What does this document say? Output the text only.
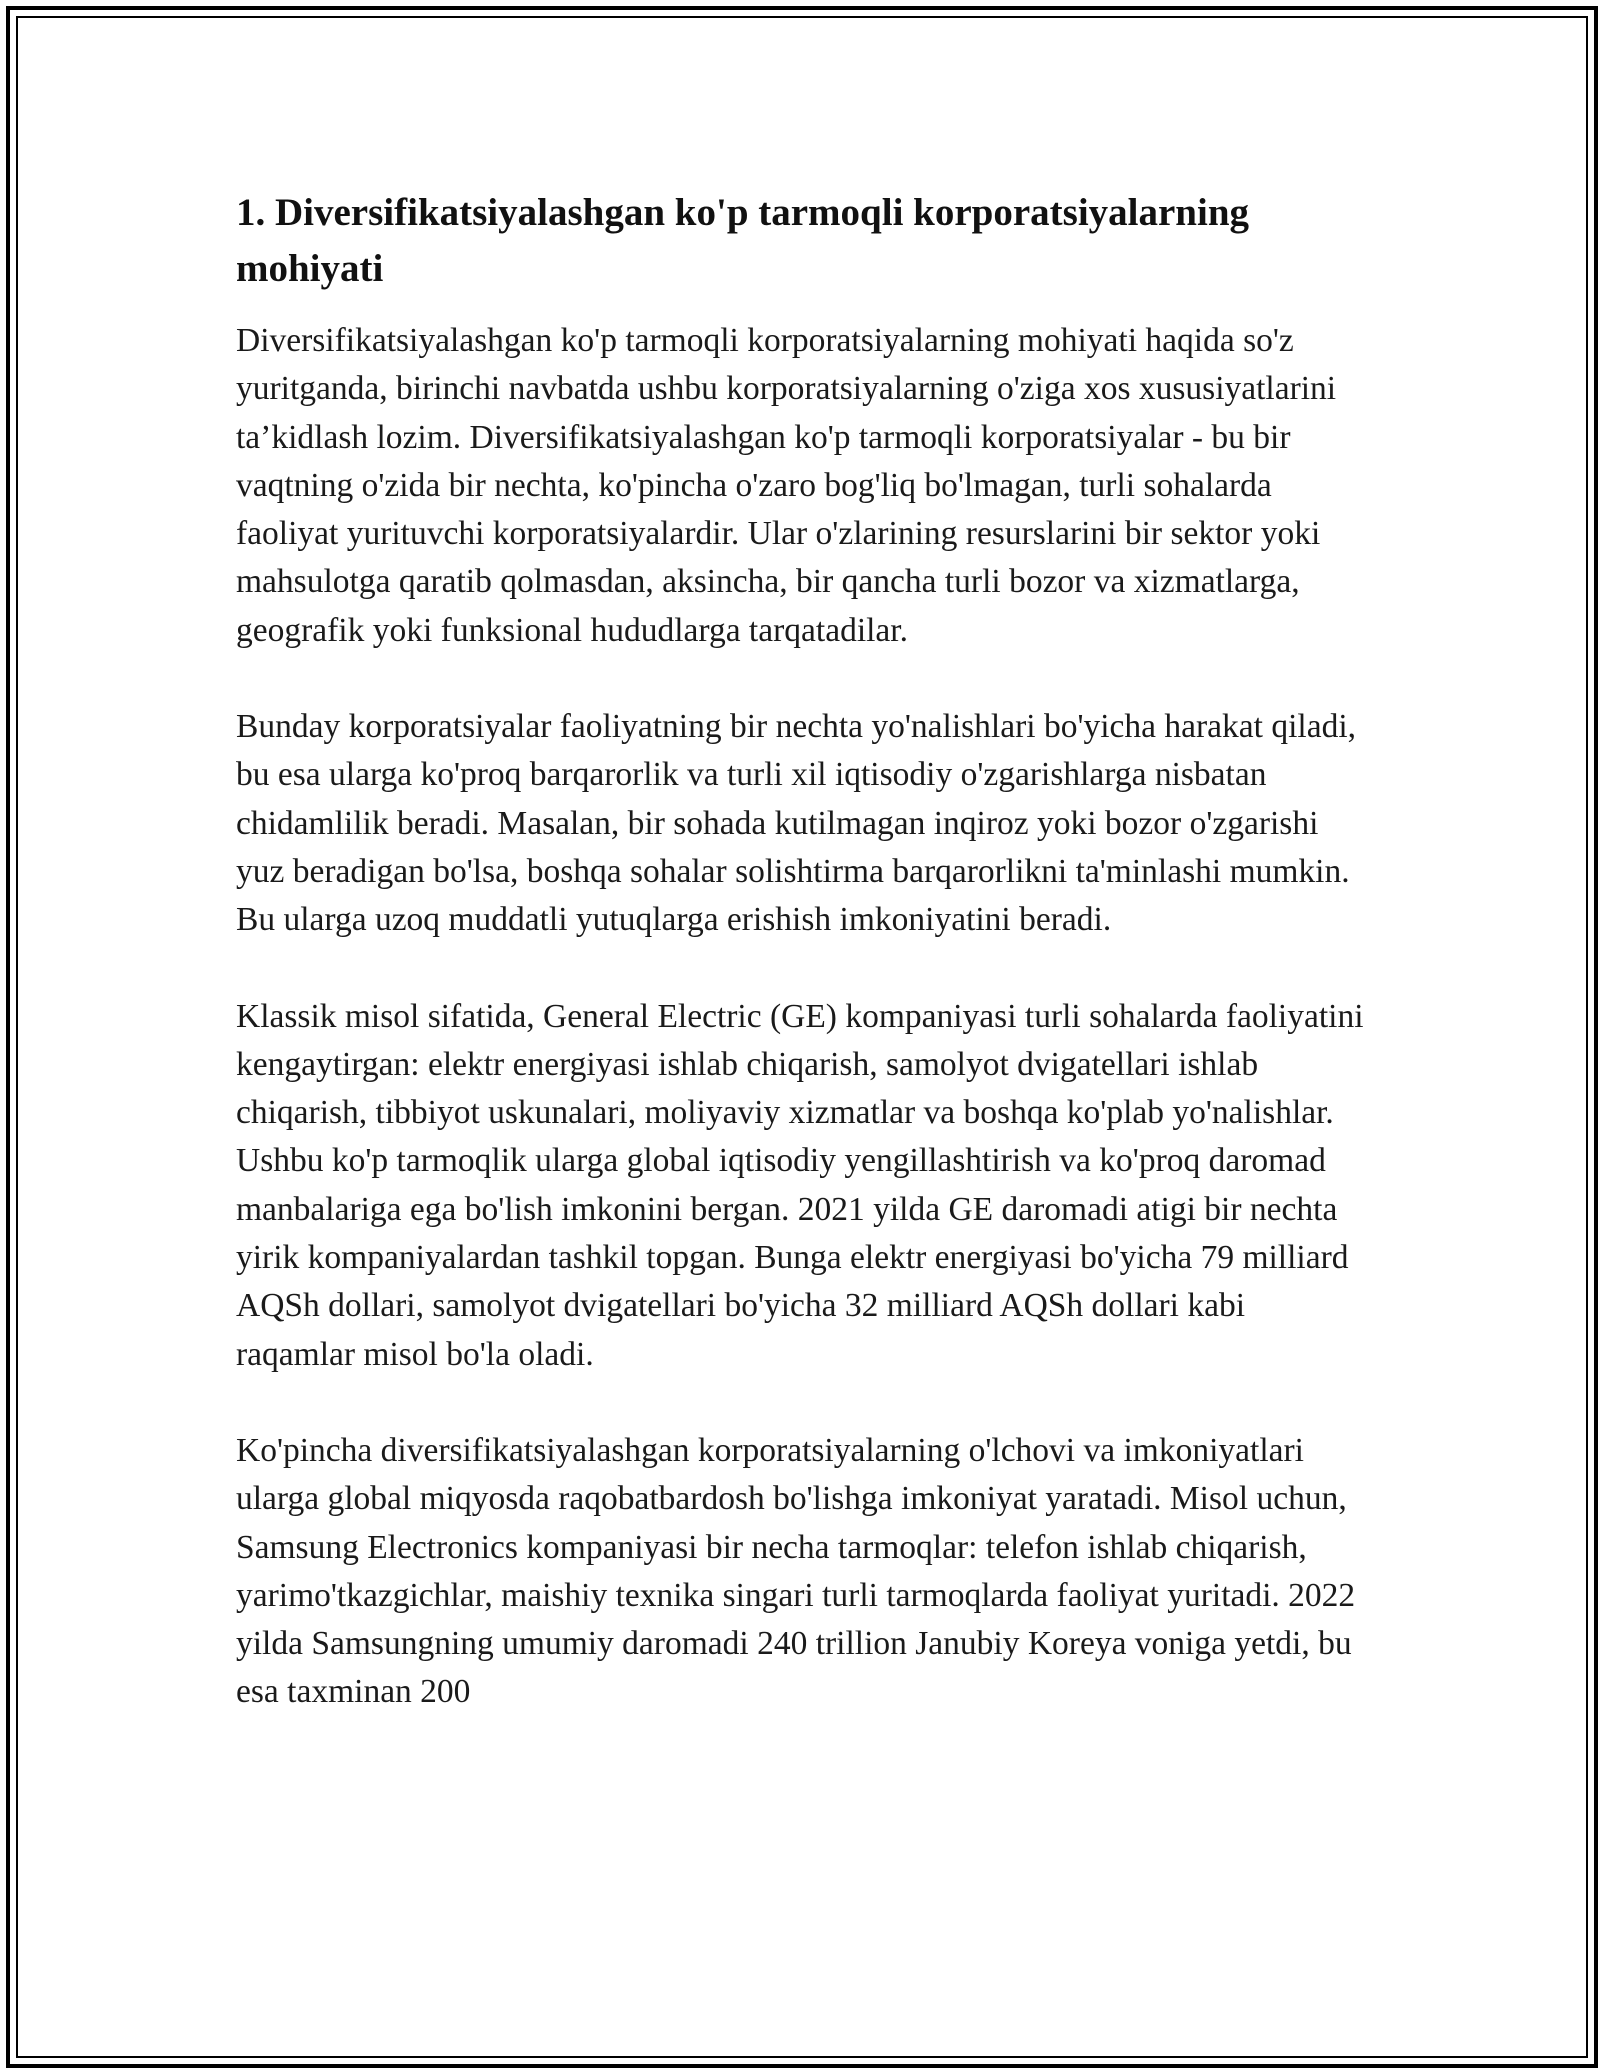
1. Diversifikatsiyalashgan ko'p tarmoqli korporatsiyalarning mohiyati

Diversifikatsiyalashgan ko'p tarmoqli korporatsiyalarning mohiyati haqida so'z yuritganda, birinchi navbatda ushbu korporatsiyalarning o'ziga xos xususiyatlarini ta’kidlash lozim. Diversifikatsiyalashgan ko'p tarmoqli korporatsiyalar - bu bir vaqtning o'zida bir nechta, ko'pincha o'zaro bog'liq bo'lmagan, turli sohalarda faoliyat yurituvchi korporatsiyalardir. Ular o'zlarining resurslarini bir sektor yoki mahsulotga qaratib qolmasdan, aksincha, bir qancha turli bozor va xizmatlarga, geografik yoki funksional hududlarga tarqatadilar.

Bunday korporatsiyalar faoliyatning bir nechta yo'nalishlari bo'yicha harakat qiladi, bu esa ularga ko'proq barqarorlik va turli xil iqtisodiy o'zgarishlarga nisbatan chidamlilik beradi. Masalan, bir sohada kutilmagan inqiroz yoki bozor o'zgarishi yuz beradigan bo'lsa, boshqa sohalar solishtirma barqarorlikni ta'minlashi mumkin. Bu ularga uzoq muddatli yutuqlarga erishish imkoniyatini beradi.

Klassik misol sifatida, General Electric (GE) kompaniyasi turli sohalarda faoliyatini kengaytirgan: elektr energiyasi ishlab chiqarish, samolyot dvigatellari ishlab chiqarish, tibbiyot uskunalari, moliyaviy xizmatlar va boshqa ko'plab yo'nalishlar. Ushbu ko'p tarmoqlik ularga global iqtisodiy yengillashtirish va ko'proq daromad manbalariga ega bo'lish imkonini bergan. 2021 yilda GE daromadi atigi bir nechta yirik kompaniyalardan tashkil topgan. Bunga elektr energiyasi bo'yicha 79 milliard AQSh dollari, samolyot dvigatellari bo'yicha 32 milliard AQSh dollari kabi raqamlar misol bo'la oladi.

Ko'pincha diversifikatsiyalashgan korporatsiyalarning o'lchovi va imkoniyatlari ularga global miqyosda raqobatbardosh bo'lishga imkoniyat yaratadi. Misol uchun, Samsung Electronics kompaniyasi bir necha tarmoqlar: telefon ishlab chiqarish, yarimo'tkazgichlar, maishiy texnika singari turli tarmoqlarda faoliyat yuritadi. 2022 yilda Samsungning umumiy daromadi 240 trillion Janubiy Koreya voniga yetdi, bu esa taxminan 200
